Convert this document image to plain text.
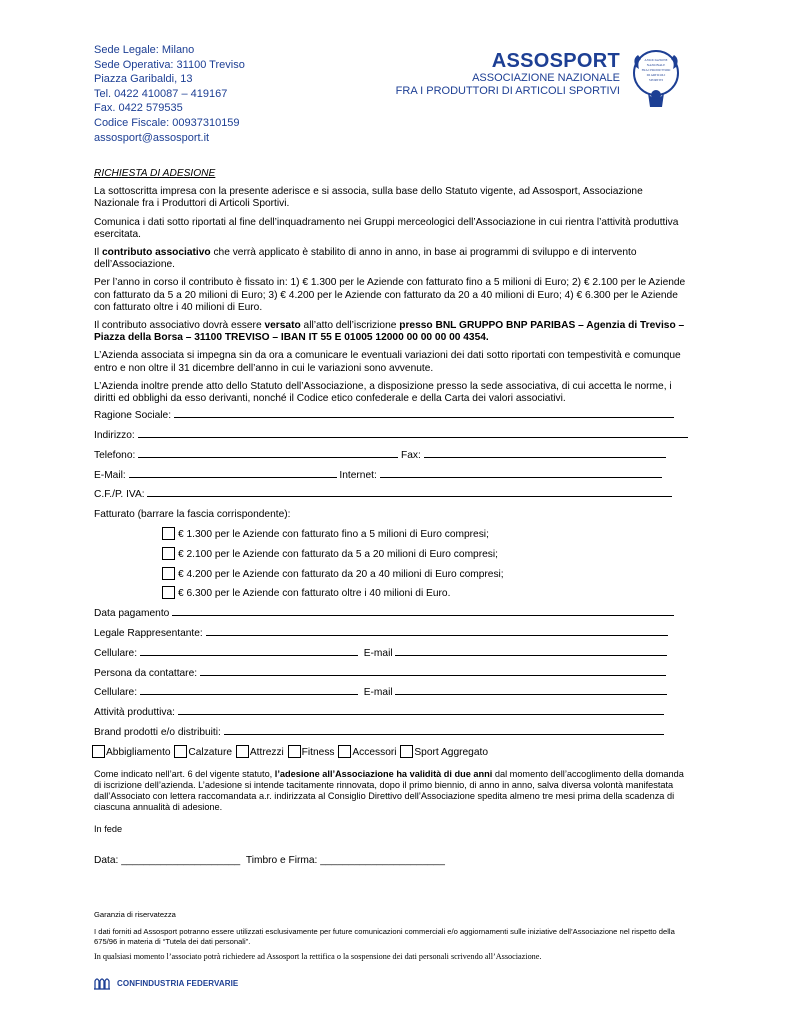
Sede Legale: Milano
Sede Operativa: 31100 Treviso
Piazza Garibaldi, 13
Tel. 0422 410087 – 419167
Fax. 0422 579535
Codice Fiscale: 00937310159
assosport@assosport.it
ASSOSPORT
ASSOCIAZIONE NAZIONALE
FRA I PRODUTTORI DI ARTICOLI SPORTIVI
ASSOCIAZIONE
NAZIONALE
FRA I PRODUTTORI
DI ARTICOLI
SPORTIVI
RICHIESTA DI ADESIONE

La sottoscritta impresa con la presente aderisce e si associa, sulla base dello Statuto vigente, ad Assosport, Associazione Nazionale fra i Produttori di Articoli Sportivi.

Comunica i dati sotto riportati al fine dell’inquadramento nei Gruppi merceologici dell’Associazione in cui rientra l’attività produttiva esercitata.

Il contributo associativo che verrà applicato è stabilito di anno in anno, in base ai programmi di sviluppo e di intervento dell’Associazione.

Per l’anno in corso il contributo è fissato in: 1) € 1.300 per le Aziende con fatturato fino a 5 milioni di Euro; 2) € 2.100 per le Aziende con fatturato da 5 a 20 milioni di Euro; 3) € 4.200 per le Aziende con fatturato da 20 a 40 milioni di Euro; 4) € 6.300 per le Aziende con fatturato oltre i 40 milioni di Euro.

Il contributo associativo dovrà essere versato all’atto dell’iscrizione presso BNL GRUPPO BNP PARIBAS – Agenzia di Treviso – Piazza della Borsa – 31100 TREVISO – IBAN IT 55 E 01005 12000 00 00 00 00 4354.

L’Azienda associata si impegna sin da ora a comunicare le eventuali variazioni dei dati sotto riportati con tempestività e comunque entro e non oltre il 31 dicembre dell’anno in cui le variazioni sono avvenute.

L’Azienda inoltre prende atto dello Statuto dell’Associazione, a disposizione presso la sede associativa, di cui accetta le norme, i diritti ed obblighi da esso derivanti, nonché il Codice etico confederale e della Carta dei valori associativi.

Ragione Sociale:
Indirizzo:
Telefono:	Fax:
E-Mail:	Internet:
C.F./P. IVA:
Fatturato (barrare la fascia corrispondente):
€ 1.300 per le Aziende con fatturato fino a 5 milioni di Euro compresi;
€ 2.100 per le Aziende con fatturato da 5 a 20 milioni di Euro compresi;
€ 4.200 per le Aziende con fatturato da 20 a 40 milioni di Euro compresi;
€ 6.300 per le Aziende con fatturato oltre i 40 milioni di Euro.
Data pagamento
Legale Rappresentante:
Cellulare:	E-mail
Persona da contattare:
Cellulare:	E-mail
Attività produttiva:
Brand prodotti e/o distribuiti:
Abbigliamento Calzature Attrezzi Fitness Accessori Sport Aggregato
Come indicato nell’art. 6 del vigente statuto, l’adesione all’Associazione ha validità di due anni dal momento dell’accoglimento della domanda di iscrizione dell’azienda. L’adesione si intende tacitamente rinnovata, dopo il primo biennio, di anno in anno, salva diversa volontà manifestata dall’Associato con lettera raccomandata a.r. indirizzata al Consiglio Direttivo dell’Associazione spedita almeno tre mesi prima della scadenza di ciascuna annualità di adesione.
In fede
Data: _____________________ Timbro e Firma: ______________________

Garanzia di riservatezza

I dati forniti ad Assosport potranno essere utilizzati esclusivamente per future comunicazioni commerciali e/o aggiornamenti sulle iniziative dell’Associazione nel rispetto della 675/96 in materia di “Tutela dei dati personali”.

In qualsiasi momento l’associato potrà richiedere ad Assosport la rettifica o la sospensione dei dati personali scrivendo all’Associazione.

CONFINDUSTRIA FEDERVARIE
